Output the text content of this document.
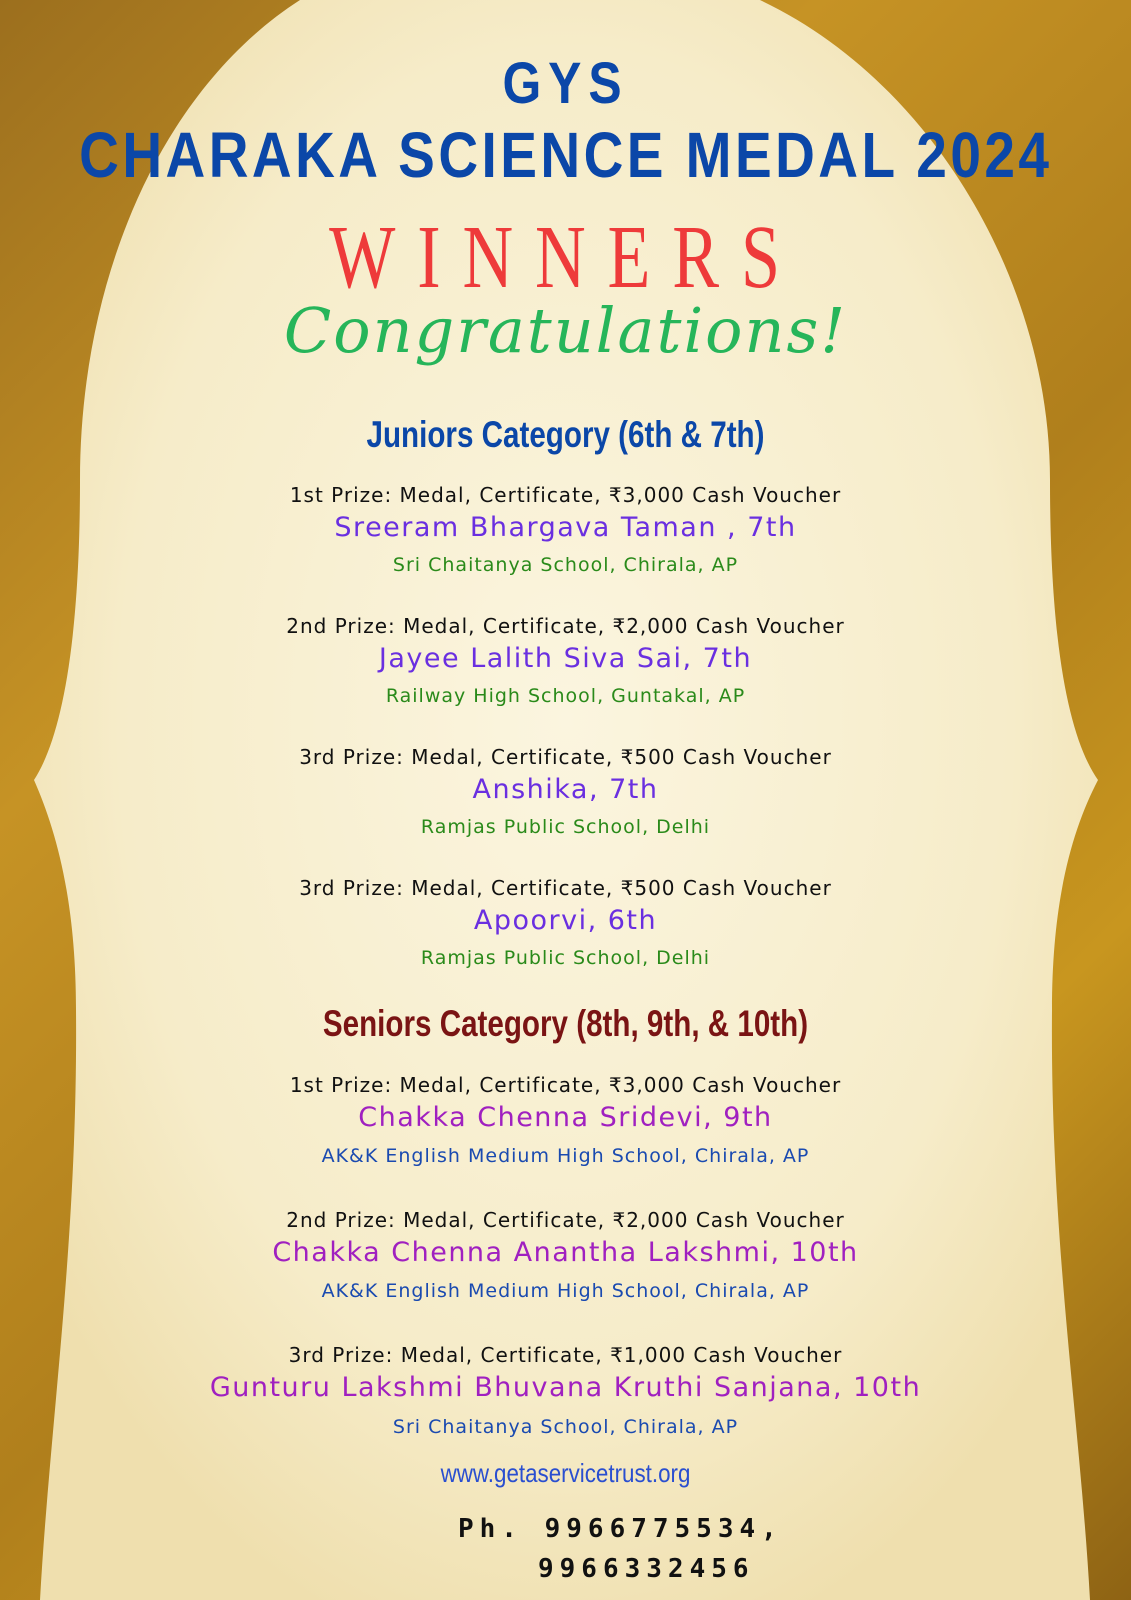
GYS
CHARAKA SCIENCE MEDAL 2024
WINNERS
Congratulations!
Juniors Category (6th & 7th)
1st Prize: Medal, Certificate, ₹3,000 Cash Voucher
Sreeram Bhargava Taman , 7th
Sri Chaitanya School, Chirala, AP
2nd Prize: Medal, Certificate, ₹2,000 Cash Voucher
Jayee Lalith Siva Sai, 7th
Railway High School, Guntakal, AP
3rd Prize: Medal, Certificate, ₹500 Cash Voucher
Anshika, 7th
Ramjas Public School, Delhi
3rd Prize: Medal, Certificate, ₹500 Cash Voucher
Apoorvi, 6th
Ramjas Public School, Delhi
Seniors Category (8th, 9th, & 10th)
1st Prize: Medal, Certificate, ₹3,000 Cash Voucher
Chakka Chenna Sridevi, 9th
AK&K English Medium High School, Chirala, AP
2nd Prize: Medal, Certificate, ₹2,000 Cash Voucher
Chakka Chenna Anantha Lakshmi, 10th
AK&K English Medium High School, Chirala, AP
3rd Prize: Medal, Certificate, ₹1,000 Cash Voucher
Gunturu Lakshmi Bhuvana Kruthi Sanjana, 10th
Sri Chaitanya School, Chirala, AP
www.getaservicetrust.org
Ph. 9966775534,
9966332456
